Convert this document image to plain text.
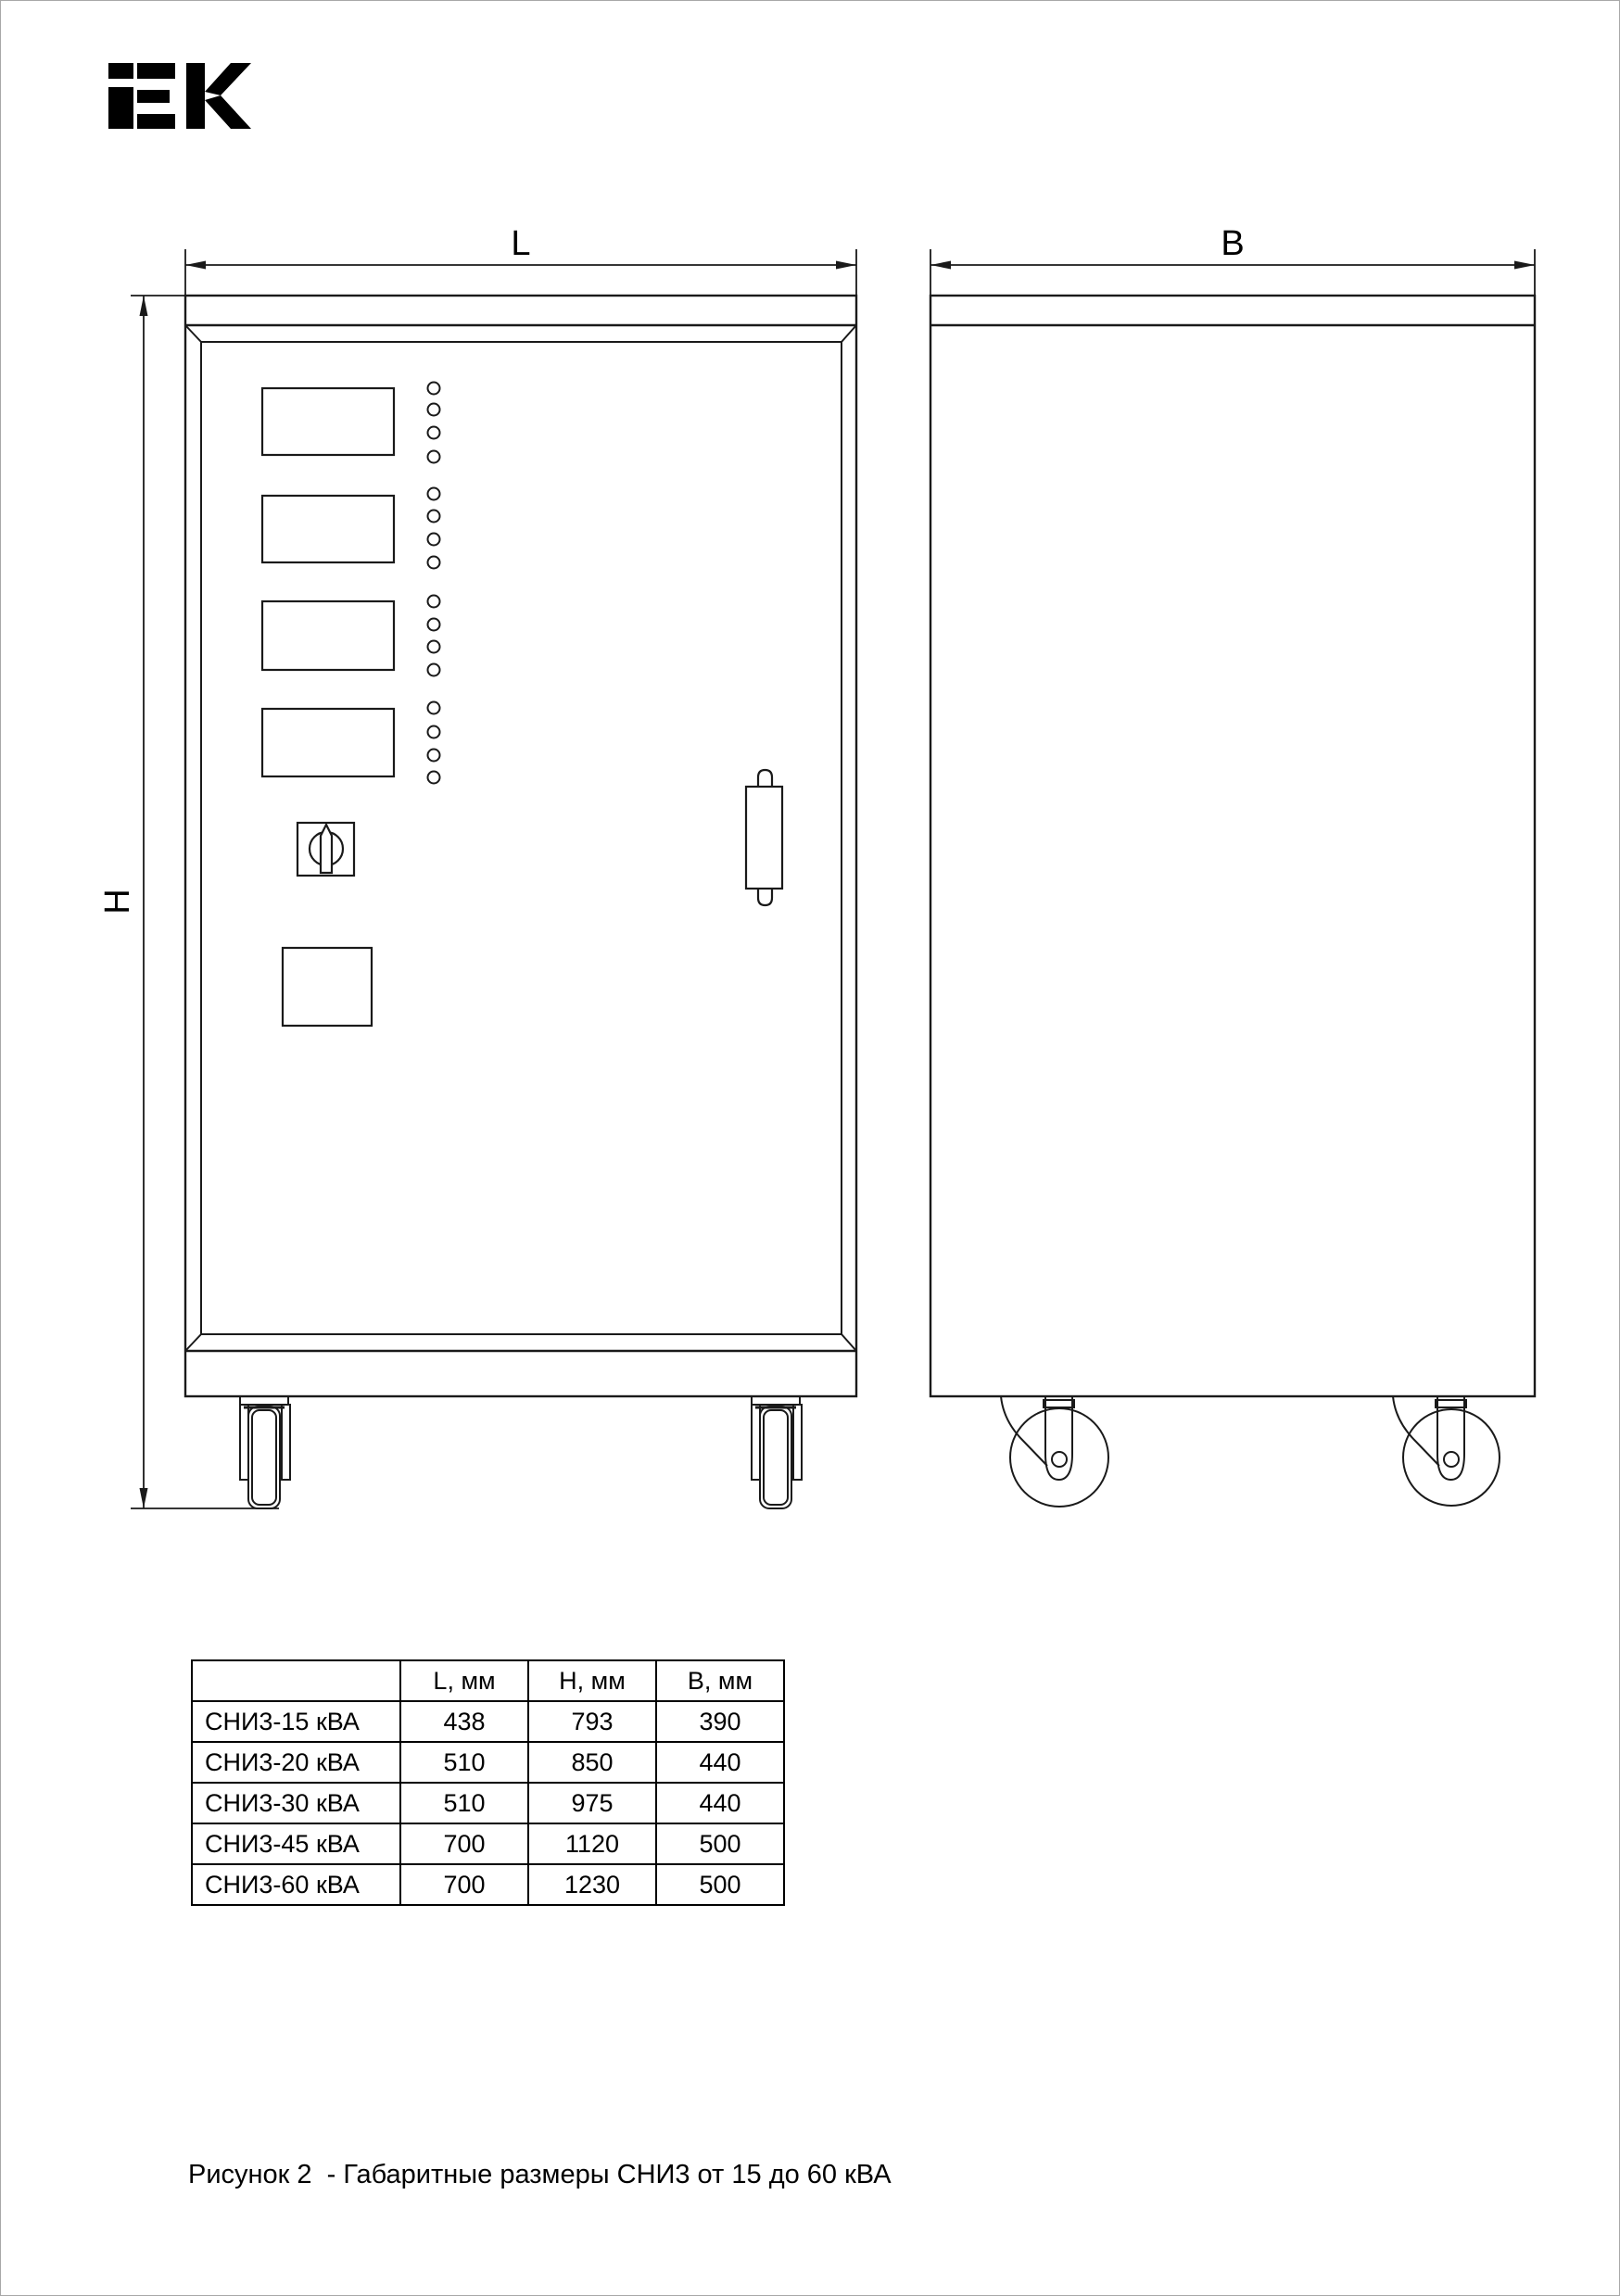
L	B
H
	L, мм	H, мм	B, мм
СНИ3-15 кВА	438	793	390
СНИ3-20 кВА	510	850	440
СНИ3-30 кВА	510	975	440
СНИ3-45 кВА	700	1120	500
СНИ3-60 кВА	700	1230	500
Рисунок 2  - Габаритные размеры СНИ3 от 15 до 60 кВА
